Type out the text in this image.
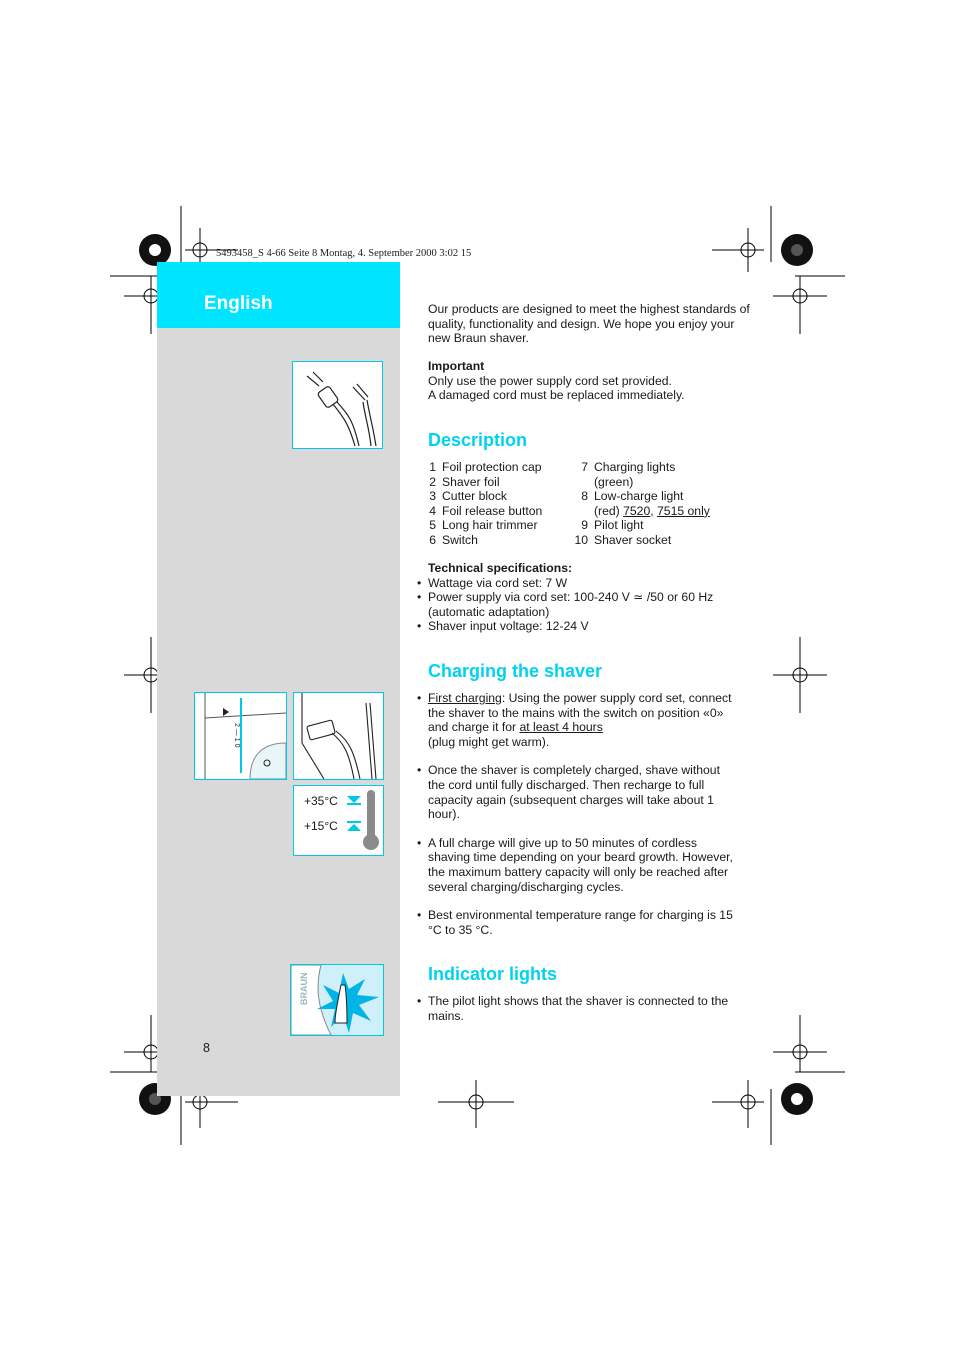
5493458_S 4-66 Seite 8 Montag, 4. September 2000 3:02 15
English
2 — 1 0
+35°C
+15°C
BRAUN
8
Our products are designed to meet the highest standards of quality, functionality and design. We hope you enjoy your new Braun shaver.
Important
Only use the power supply cord set provided.
A damaged cord must be replaced immediately.
Description
1	Foil protection cap	7	Charging lights
2	Shaver foil		(green)
3	Cutter block	8	Low-charge light
4	Foil release button		(red) 7520, 7515 only
5	Long hair trimmer	9	Pilot light
6	Switch	10	Shaver socket
Technical specifications:
• Wattage via cord set: 7 W
• Power supply via cord set: 100-240 V ≃ /50 or 60 Hz (automatic adaptation)
• Shaver input voltage: 12-24 V
Charging the shaver
• First charging: Using the power supply cord set, connect the shaver to the mains with the switch on position «0» and charge it for at least 4 hours
(plug might get warm).
• Once the shaver is completely charged, shave without the cord until fully discharged. Then recharge to full capacity again (subsequent charges will take about 1 hour).
• A full charge will give up to 50 minutes of cordless shaving time depending on your beard growth. However, the maximum battery capacity will only be reached after several charging/discharging cycles.
• Best environmental temperature range for charging is 15 °C to 35 °C.
Indicator lights
• The pilot light shows that the shaver is connected to the mains.
